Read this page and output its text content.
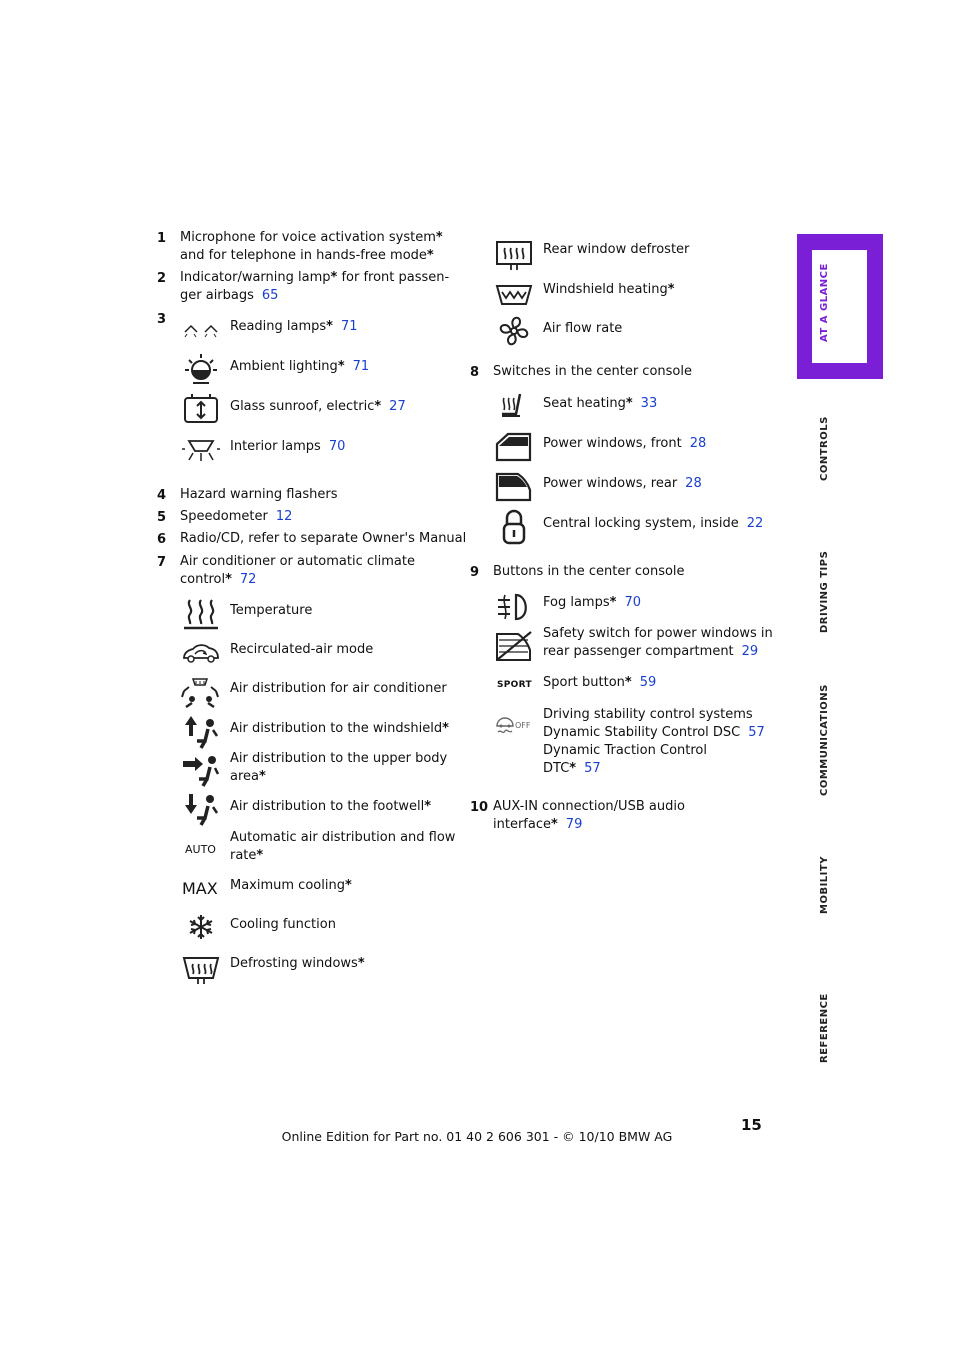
1 Microphone for voice activation system*
and for telephone in hands-free mode*
2 Indicator/warning lamp* for front passen-
ger airbags 65
3	Reading lamps* 71
Ambient lighting* 71
Glass sunroof, electric* 27
Interior lamps 70
4 Hazard warning flashers
5 Speedometer 12
6 Radio/CD, refer to separate Owner's Manual
7 Air conditioner or automatic climate
control* 72
Temperature
Recirculated-air mode
Air distribution for air conditioner
Air distribution to the windshield*
Air distribution to the upper body
area*
Air distribution to the footwell*
AUTO
Automatic air distribution and flow
rate*
MAX Maximum cooling*
Cooling function
Defrosting windows*
Rear window defroster
Windshield heating*
Air flow rate
8 Switches in the center console
Seat heating* 33
Power windows, front 28
Power windows, rear 28
Central locking system, inside 22
9 Buttons in the center console
Fog lamps* 70
Safety switch for power windows in
rear passenger compartment 29
SPORT Sport button* 59
OFF
Driving stability control systems
Dynamic Stability Control DSC 57
Dynamic Traction Control
DTC* 57
10 AUX-IN connection/USB audio
interface* 79
AT A GLANCE
CONTROLS
DRIVING TIPS
COMMUNICATIONS
MOBILITY
REFERENCE
15
Online Edition for Part no. 01 40 2 606 301 - © 10/10 BMW AG
